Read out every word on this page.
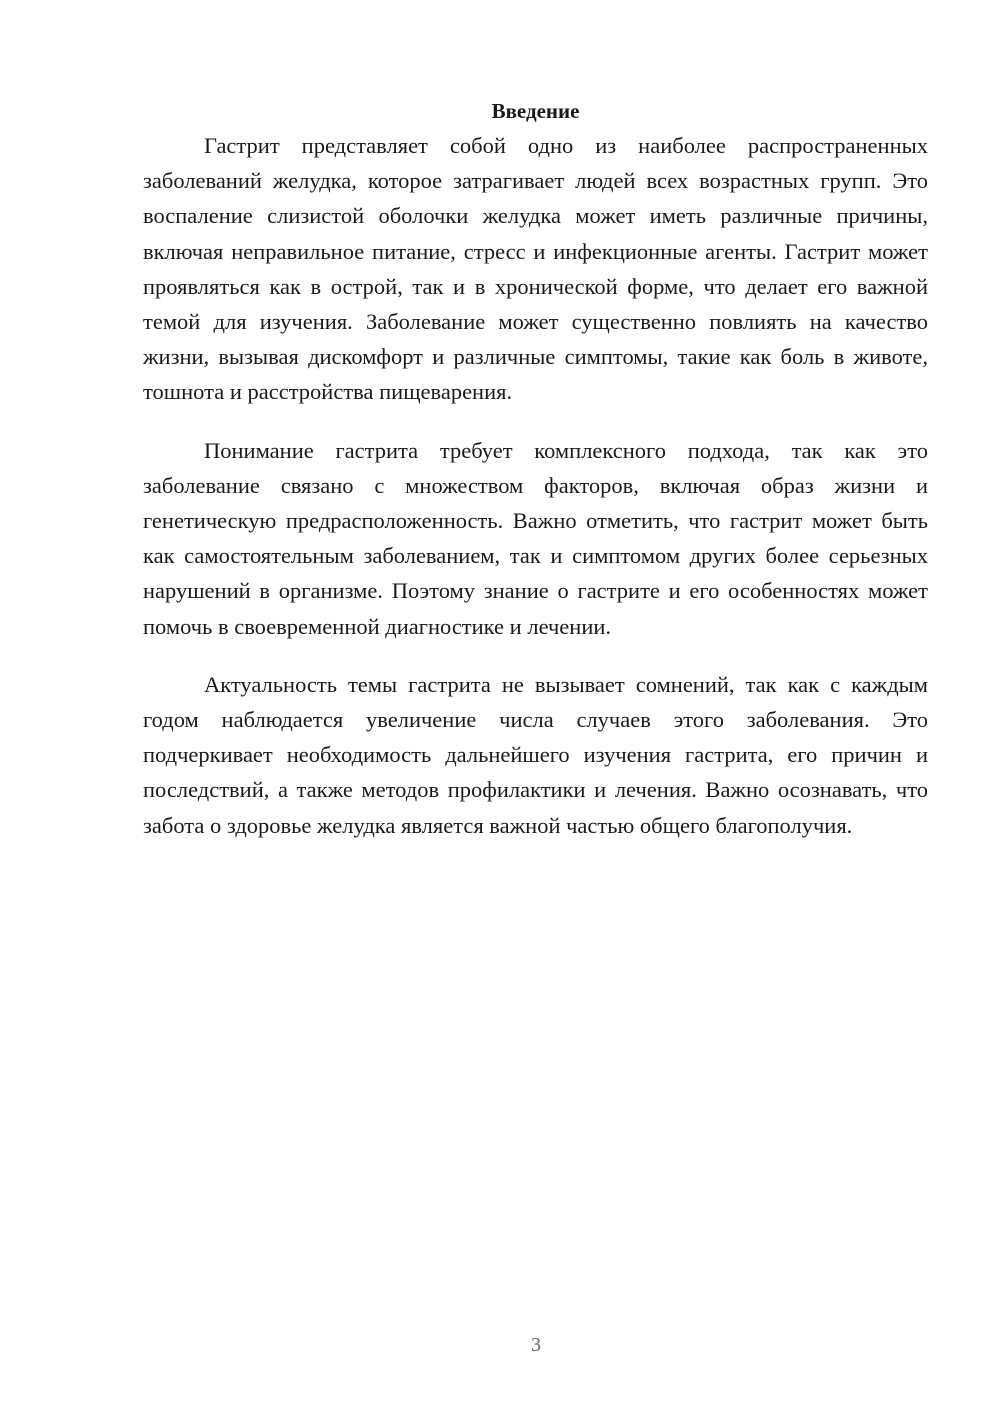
Введение

Гастрит представляет собой одно из наиболее распространенных заболеваний желудка, которое затрагивает людей всех возрастных групп. Это воспаление слизистой оболочки желудка может иметь различные причины, включая неправильное питание, стресс и инфекционные агенты. Гастрит может проявляться как в острой, так и в хронической форме, что делает его важной темой для изучения. Заболевание может существенно повлиять на качество жизни, вызывая дискомфорт и различные симптомы, такие как боль в животе, тошнота и расстройства пищеварения.

Понимание гастрита требует комплексного подхода, так как это заболевание связано с множеством факторов, включая образ жизни и генетическую предрасположенность. Важно отметить, что гастрит может быть как самостоятельным заболеванием, так и симптомом других более серьезных нарушений в организме. Поэтому знание о гастрите и его особенностях может помочь в своевременной диагностике и лечении.

Актуальность темы гастрита не вызывает сомнений, так как с каждым годом наблюдается увеличение числа случаев этого заболевания. Это подчеркивает необходимость дальнейшего изучения гастрита, его причин и последствий, а также методов профилактики и лечения. Важно осознавать, что забота о здоровье желудка является важной частью общего благополучия.

3
